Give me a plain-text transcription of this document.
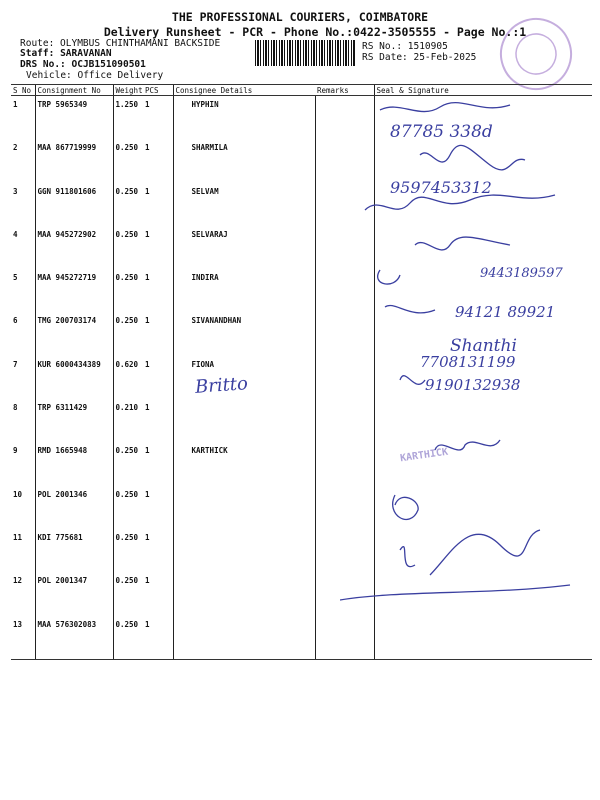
THE PROFESSIONAL COURIERS, COIMBATORE
Delivery Runsheet - PCR - Phone No.:0422-3505555 - Page No.:1
Route: OLYMBUS CHINTHAMANI BACKSIDE
Staff: SARAVANAN
DRS No.: OCJB151090501
Vehicle: Office Delivery
RS No.: 1510905
RS Date: 25-Feb-2025
S No	Consignment No	Weight	PCS	Consignee Details	Remarks	Seal & Signature
1	TRP 5965349	1.250	1	HYPHIN		
2	MAA 867719999	0.250	1	SHARMILA		
3	GGN 911801606	0.250	1	SELVAM		
4	MAA 945272902	0.250	1	SELVARAJ		
5	MAA 945272719	0.250	1	INDIRA		
6	TMG 200703174	0.250	1	SIVANANDHAN		
7	KUR 6000434389	0.620	1	FIONA		
8	TRP 6311429	0.210	1			
9	RMD 1665948	0.250	1	KARTHICK		
10	POL 2001346	0.250	1			
11	KDI 775681	0.250	1			
12	POL 2001347	0.250	1			
13	MAA 576302083	0.250	1			
87785 338d
9597453312
9443189597
94121 89921
Shanthi
7708131199
9190132938
Britto
KARTHICK
